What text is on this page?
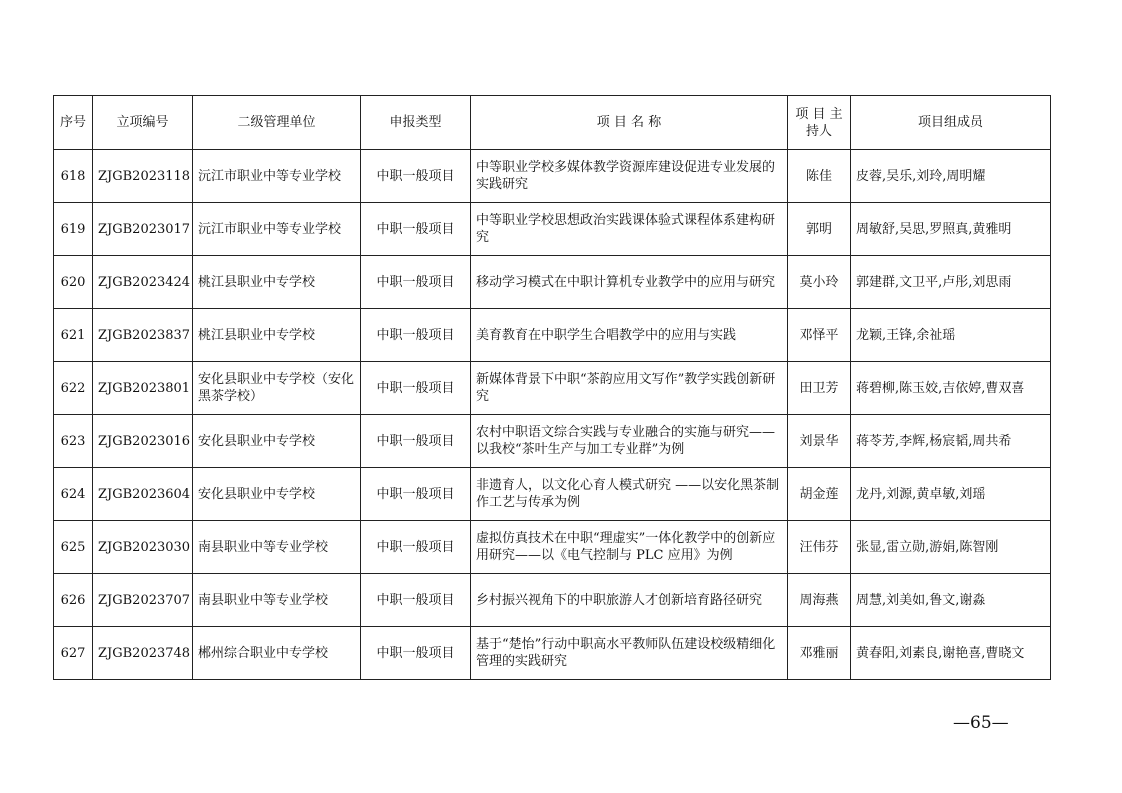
序号	立项编号	二级管理单位	申报类型	项 目 名 称	项 目 主持人	项目组成员
618	ZJGB2023118	沅江市职业中等专业学校	中职一般项目	中等职业学校多媒体教学资源库建设促进专业发展的实践研究	陈佳	皮蓉,吴乐,刘玲,周明耀
619	ZJGB2023017	沅江市职业中等专业学校	中职一般项目	中等职业学校思想政治实践课体验式课程体系建构研究	郭明	周敏舒,吴思,罗照真,黄雅明
620	ZJGB2023424	桃江县职业中专学校	中职一般项目	移动学习模式在中职计算机专业教学中的应用与研究	莫小玲	郭建群,文卫平,卢彤,刘思雨
621	ZJGB2023837	桃江县职业中专学校	中职一般项目	美育教育在中职学生合唱教学中的应用与实践	邓怿平	龙颖,王锋,余祉瑶
622	ZJGB2023801	安化县职业中专学校（安化黑茶学校）	中职一般项目	新媒体背景下中职“茶韵应用文写作”教学实践创新研究	田卫芳	蒋碧柳,陈玉姣,吉依婷,曹双喜
623	ZJGB2023016	安化县职业中专学校	中职一般项目	农村中职语文综合实践与专业融合的实施与研究——以我校“茶叶生产与加工专业群”为例	刘景华	蒋苓芳,李辉,杨宸韬,周共希
624	ZJGB2023604	安化县职业中专学校	中职一般项目	非遗育人，以文化心育人模式研究 ——以安化黑茶制作工艺与传承为例	胡金莲	龙丹,刘源,黄卓敏,刘瑶
625	ZJGB2023030	南县职业中等专业学校	中职一般项目	虚拟仿真技术在中职“理虚实”一体化教学中的创新应用研究——以《电气控制与 PLC 应用》为例	汪伟芬	张显,雷立勋,游娟,陈智刚
626	ZJGB2023707	南县职业中等专业学校	中职一般项目	乡村振兴视角下的中职旅游人才创新培育路径研究	周海燕	周慧,刘美如,鲁文,谢淼
627	ZJGB2023748	郴州综合职业中专学校	中职一般项目	基于“楚怡”行动中职高水平教师队伍建设校级精细化管理的实践研究	邓雅丽	黄春阳,刘素良,谢艳喜,曹晓文
—65—
